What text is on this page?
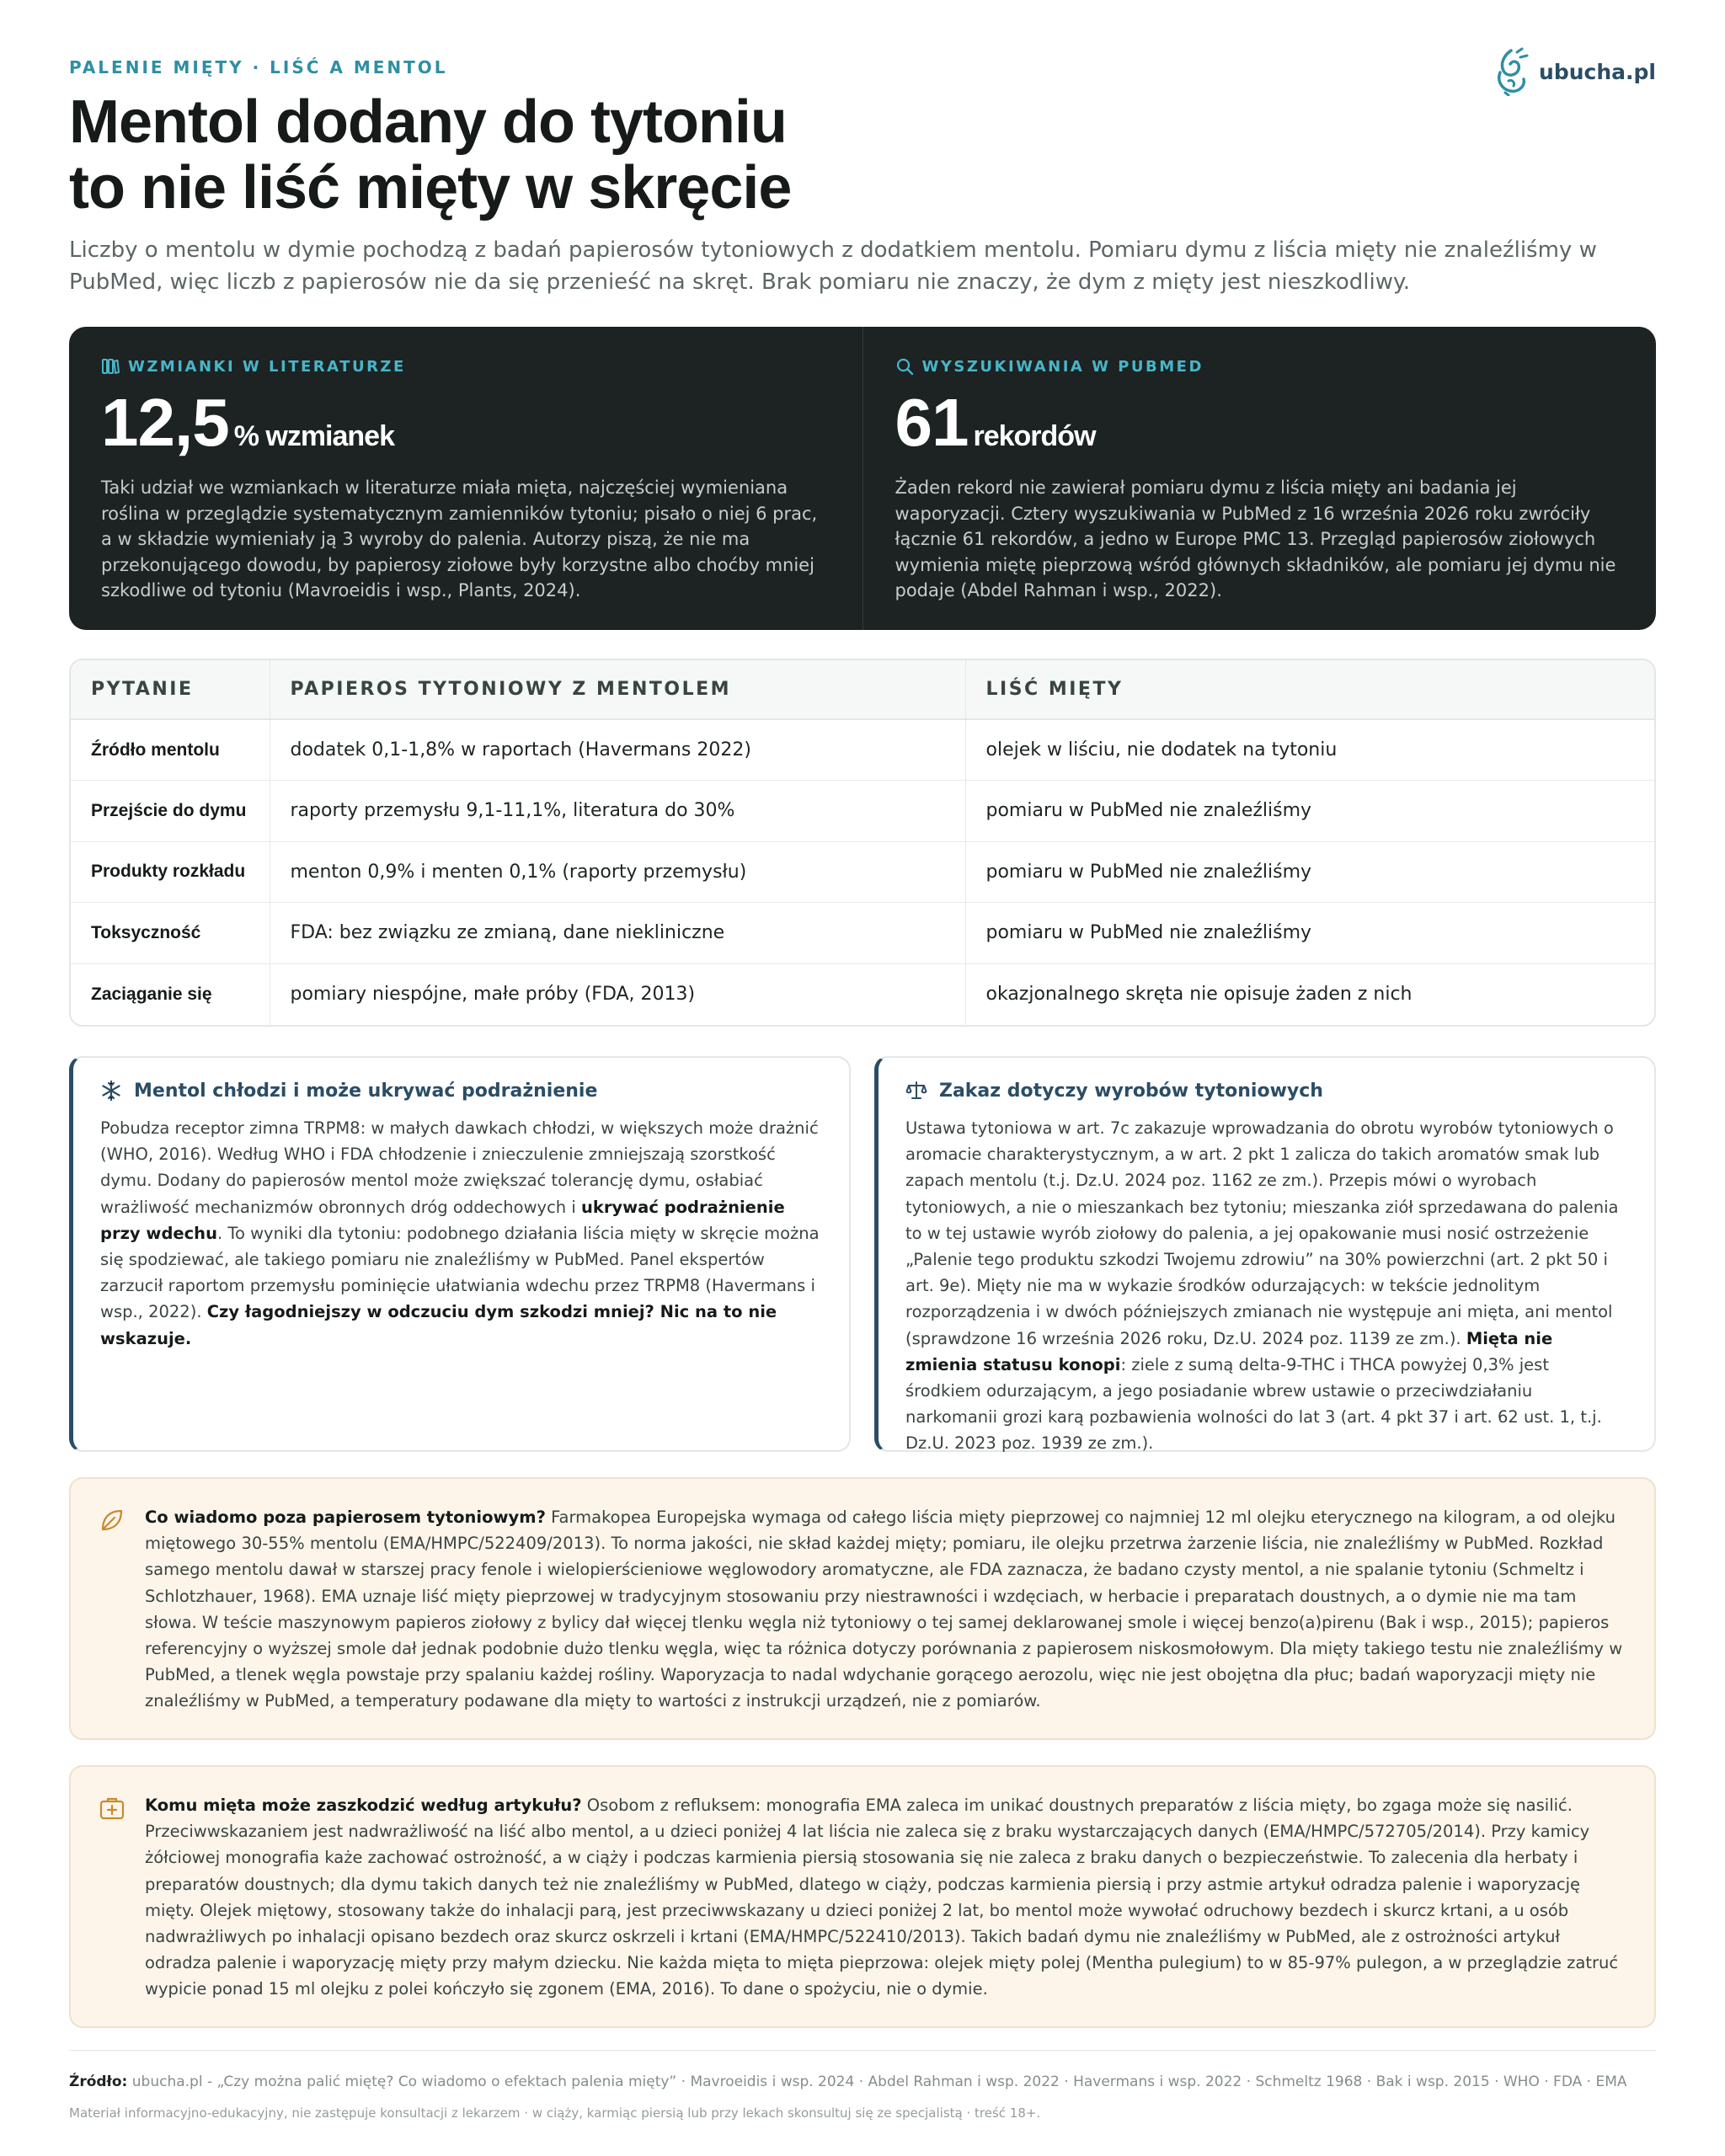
PALENIE MIĘTY · LIŚĆ A MENTOL	ubucha.pl
Mentol dodany do tytoniu
to nie liść mięty w skręcie

Liczby o mentolu w dymie pochodzą z badań papierosów tytoniowych z dodatkiem mentolu. Pomiaru dymu z liścia mięty nie znaleźliśmy w PubMed, więc liczb z papierosów nie da się przenieść na skręt. Brak pomiaru nie znaczy, że dym z mięty jest nieszkodliwy.

WZMIANKI W LITERATURZE
12,5 % wzmianek

Taki udział we wzmiankach w literaturze miała mięta, najczęściej wymieniana roślina w przeglądzie systematycznym zamienników tytoniu; pisało o niej 6 prac, a w składzie wymieniały ją 3 wyroby do palenia. Autorzy piszą, że nie ma przekonującego dowodu, by papierosy ziołowe były korzystne albo choćby mniej szkodliwe od tytoniu (Mavroeidis i wsp., Plants, 2024).

WYSZUKIWANIA W PUBMED
61 rekordów

Żaden rekord nie zawierał pomiaru dymu z liścia mięty ani badania jej waporyzacji. Cztery wyszukiwania w PubMed z 16 września 2026 roku zwróciły łącznie 61 rekordów, a jedno w Europe PMC 13. Przegląd papierosów ziołowych wymienia miętę pieprzową wśród głównych składników, ale pomiaru jej dymu nie podaje (Abdel Rahman i wsp., 2022).

PYTANIE	PAPIEROS TYTONIOWY Z MENTOLEM	LIŚĆ MIĘTY
Źródło mentolu	dodatek 0,1-1,8% w raportach (Havermans 2022)	olejek w liściu, nie dodatek na tytoniu
Przejście do dymu	raporty przemysłu 9,1-11,1%, literatura do 30%	pomiaru w PubMed nie znaleźliśmy
Produkty rozkładu	menton 0,9% i menten 0,1% (raporty przemysłu)	pomiaru w PubMed nie znaleźliśmy
Toksyczność	FDA: bez związku ze zmianą, dane niekliniczne	pomiaru w PubMed nie znaleźliśmy
Zaciąganie się	pomiary niespójne, małe próby (FDA, 2013)	okazjonalnego skręta nie opisuje żaden z nich
Mentol chłodzi i może ukrywać podrażnienie

Pobudza receptor zimna TRPM8: w małych dawkach chłodzi, w większych może drażnić (WHO, 2016). Według WHO i FDA chłodzenie i znieczulenie zmniejszają szorstkość dymu. Dodany do papierosów mentol może zwiększać tolerancję dymu, osłabiać wrażliwość mechanizmów obronnych dróg oddechowych i ukrywać podrażnienie przy wdechu. To wyniki dla tytoniu: podobnego działania liścia mięty w skręcie można się spodziewać, ale takiego pomiaru nie znaleźliśmy w PubMed. Panel ekspertów zarzucił raportom przemysłu pominięcie ułatwiania wdechu przez TRPM8 (Havermans i wsp., 2022). Czy łagodniejszy w odczuciu dym szkodzi mniej? Nic na to nie wskazuje.

Zakaz dotyczy wyrobów tytoniowych

Ustawa tytoniowa w art. 7c zakazuje wprowadzania do obrotu wyrobów tytoniowych o aromacie charakterystycznym, a w art. 2 pkt 1 zalicza do takich aromatów smak lub zapach mentolu (t.j. Dz.U. 2024 poz. 1162 ze zm.). Przepis mówi o wyrobach tytoniowych, a nie o mieszankach bez tytoniu; mieszanka ziół sprzedawana do palenia to w tej ustawie wyrób ziołowy do palenia, a jej opakowanie musi nosić ostrzeżenie „Palenie tego produktu szkodzi Twojemu zdrowiu” na 30% powierzchni (art. 2 pkt 50 i art. 9e). Mięty nie ma w wykazie środków odurzających: w tekście jednolitym rozporządzenia i w dwóch późniejszych zmianach nie występuje ani mięta, ani mentol (sprawdzone 16 września 2026 roku, Dz.U. 2024 poz. 1139 ze zm.). Mięta nie zmienia statusu konopi: ziele z sumą delta-9-THC i THCA powyżej 0,3% jest środkiem odurzającym, a jego posiadanie wbrew ustawie o przeciwdziałaniu narkomanii grozi karą pozbawienia wolności do lat 3 (art. 4 pkt 37 i art. 62 ust. 1, t.j. Dz.U. 2023 poz. 1939 ze zm.).

Co wiadomo poza papierosem tytoniowym? Farmakopea Europejska wymaga od całego liścia mięty pieprzowej co najmniej 12 ml olejku eterycznego na kilogram, a od olejku miętowego 30-55% mentolu (EMA/HMPC/522409/2013). To norma jakości, nie skład każdej mięty; pomiaru, ile olejku przetrwa żarzenie liścia, nie znaleźliśmy w PubMed. Rozkład samego mentolu dawał w starszej pracy fenole i wielopierścieniowe węglowodory aromatyczne, ale FDA zaznacza, że badano czysty mentol, a nie spalanie tytoniu (Schmeltz i Schlotzhauer, 1968). EMA uznaje liść mięty pieprzowej w tradycyjnym stosowaniu przy niestrawności i wzdęciach, w herbacie i preparatach doustnych, a o dymie nie ma tam słowa. W teście maszynowym papieros ziołowy z bylicy dał więcej tlenku węgla niż tytoniowy o tej samej deklarowanej smole i więcej benzo(a)pirenu (Bak i wsp., 2015); papieros referencyjny o wyższej smole dał jednak podobnie dużo tlenku węgla, więc ta różnica dotyczy porównania z papierosem niskosmołowym. Dla mięty takiego testu nie znaleźliśmy w PubMed, a tlenek węgla powstaje przy spalaniu każdej rośliny. Waporyzacja to nadal wdychanie gorącego aerozolu, więc nie jest obojętna dla płuc; badań waporyzacji mięty nie znaleźliśmy w PubMed, a temperatury podawane dla mięty to wartości z instrukcji urządzeń, nie z pomiarów.

Komu mięta może zaszkodzić według artykułu? Osobom z refluksem: monografia EMA zaleca im unikać doustnych preparatów z liścia mięty, bo zgaga może się nasilić. Przeciwwskazaniem jest nadwrażliwość na liść albo mentol, a u dzieci poniżej 4 lat liścia nie zaleca się z braku wystarczających danych (EMA/HMPC/572705/2014). Przy kamicy żółciowej monografia każe zachować ostrożność, a w ciąży i podczas karmienia piersią stosowania się nie zaleca z braku danych o bezpieczeństwie. To zalecenia dla herbaty i preparatów doustnych; dla dymu takich danych też nie znaleźliśmy w PubMed, dlatego w ciąży, podczas karmienia piersią i przy astmie artykuł odradza palenie i waporyzację mięty. Olejek miętowy, stosowany także do inhalacji parą, jest przeciwwskazany u dzieci poniżej 2 lat, bo mentol może wywołać odruchowy bezdech i skurcz krtani, a u osób nadwrażliwych po inhalacji opisano bezdech oraz skurcz oskrzeli i krtani (EMA/HMPC/522410/2013). Takich badań dymu nie znaleźliśmy w PubMed, ale z ostrożności artykuł odradza palenie i waporyzację mięty przy małym dziecku. Nie każda mięta to mięta pieprzowa: olejek mięty polej (Mentha pulegium) to w 85-97% pulegon, a w przeglądzie zatruć wypicie ponad 15 ml olejku z polei kończyło się zgonem (EMA, 2016). To dane o spożyciu, nie o dymie.

Źródło: ubucha.pl - „Czy można palić miętę? Co wiadomo o efektach palenia mięty” · Mavroeidis i wsp. 2024 · Abdel Rahman i wsp. 2022 · Havermans i wsp. 2022 · Schmeltz 1968 · Bak i wsp. 2015 · WHO · FDA · EMA

Materiał informacyjno-edukacyjny, nie zastępuje konsultacji z lekarzem · w ciąży, karmiąc piersią lub przy lekach skonsultuj się ze specjalistą · treść 18+.
